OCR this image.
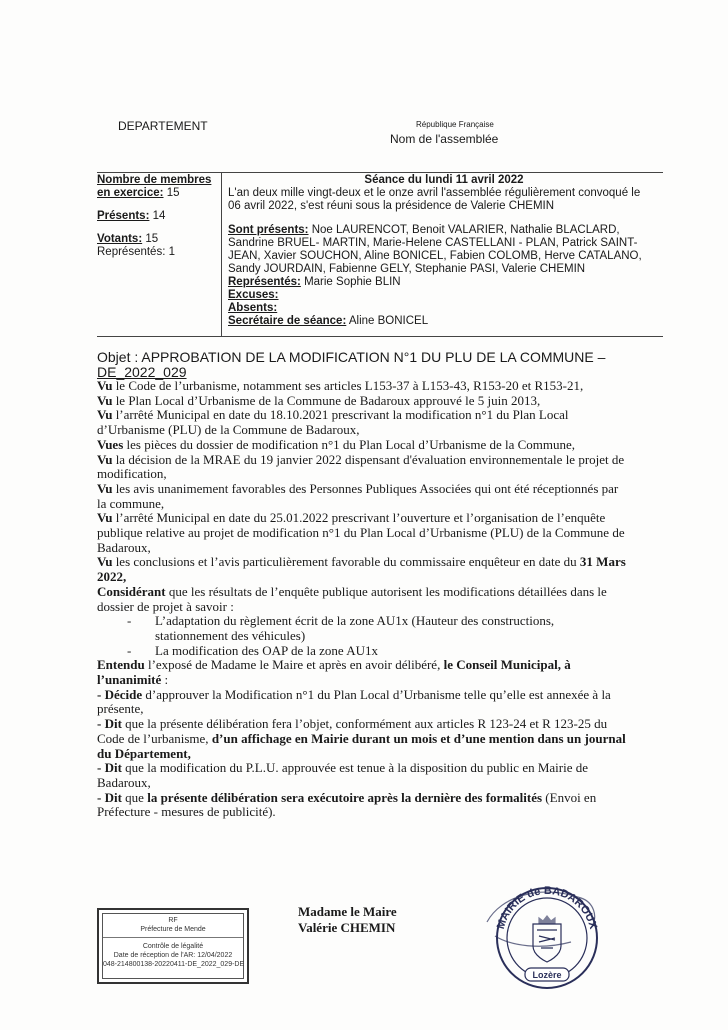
DEPARTEMENT	République Française
Nom de l'assemblée
Nombre de membres
en exercice: 15
Présents: 14
Votants: 15
Représentés: 1
Séance du lundi 11 avril 2022
L'an deux mille vingt-deux et le onze avril l'assemblée régulièrement convoqué le
06 avril 2022, s'est réuni sous la présidence de Valerie CHEMIN
Sont présents: Noe LAURENCOT, Benoit VALARIER, Nathalie BLACLARD,
Sandrine BRUEL- MARTIN, Marie-Helene CASTELLANI - PLAN, Patrick SAINT-
JEAN, Xavier SOUCHON, Aline BONICEL, Fabien COLOMB, Herve CATALANO,
Sandy JOURDAIN, Fabienne GELY, Stephanie PASI, Valerie CHEMIN
Représentés: Marie Sophie BLIN
Excuses:
Absents:
Secrétaire de séance: Aline BONICEL
Objet : APPROBATION DE LA MODIFICATION N°1 DU PLU DE LA COMMUNE –
DE_2022_029

Vu le Code de l’urbanisme, notamment ses articles L153-37 à L153-43, R153-20 et R153-21,

Vu le Plan Local d’Urbanisme de la Commune de Badaroux approuvé le 5 juin 2013,

Vu l’arrêté Municipal en date du 18.10.2021 prescrivant la modification n°1 du Plan Local d’Urbanisme (PLU) de la Commune de Badaroux,

Vues les pièces du dossier de modification n°1 du Plan Local d’Urbanisme de la Commune,

Vu la décision de la MRAE du 19 janvier 2022 dispensant d'évaluation environnementale le projet de modification,

Vu les avis unanimement favorables des Personnes Publiques Associées qui ont été réceptionnés par la commune,

Vu l’arrêté Municipal en date du 25.01.2022 prescrivant l’ouverture et l’organisation de l’enquête publique relative au projet de modification n°1 du Plan Local d’Urbanisme (PLU) de la Commune de Badaroux,

Vu les conclusions et l’avis particulièrement favorable du commissaire enquêteur en date du 31 Mars 2022,

Considérant que les résultats de l’enquête publique autorisent les modifications détaillées dans le dossier de projet à savoir :

- L’adaptation du règlement écrit de la zone AU1x (Hauteur des constructions, stationnement des véhicules)
- La modification des OAP de la zone AU1x

Entendu l’exposé de Madame le Maire et après en avoir délibéré, le Conseil Municipal, à l’unanimité :

- Décide d’approuver la Modification n°1 du Plan Local d’Urbanisme telle qu’elle est annexée à la présente,

- Dit que la présente délibération fera l’objet, conformément aux articles R 123-24 et R 123-25 du Code de l’urbanisme, d’un affichage en Mairie durant un mois et d’une mention dans un journal du Département,

- Dit que la modification du P.L.U. approuvée est tenue à la disposition du public en Mairie de Badaroux,

- Dit que la présente délibération sera exécutoire après la dernière des formalités (Envoi en Préfecture - mesures de publicité).

RF
Préfecture de Mende
Contrôle de légalité
Date de réception de l'AR: 12/04/2022
048-214800138-20220411-DE_2022_029-DE
Madame le Maire
Valérie CHEMIN	MAIRIE de BADAROUX
Lozère
